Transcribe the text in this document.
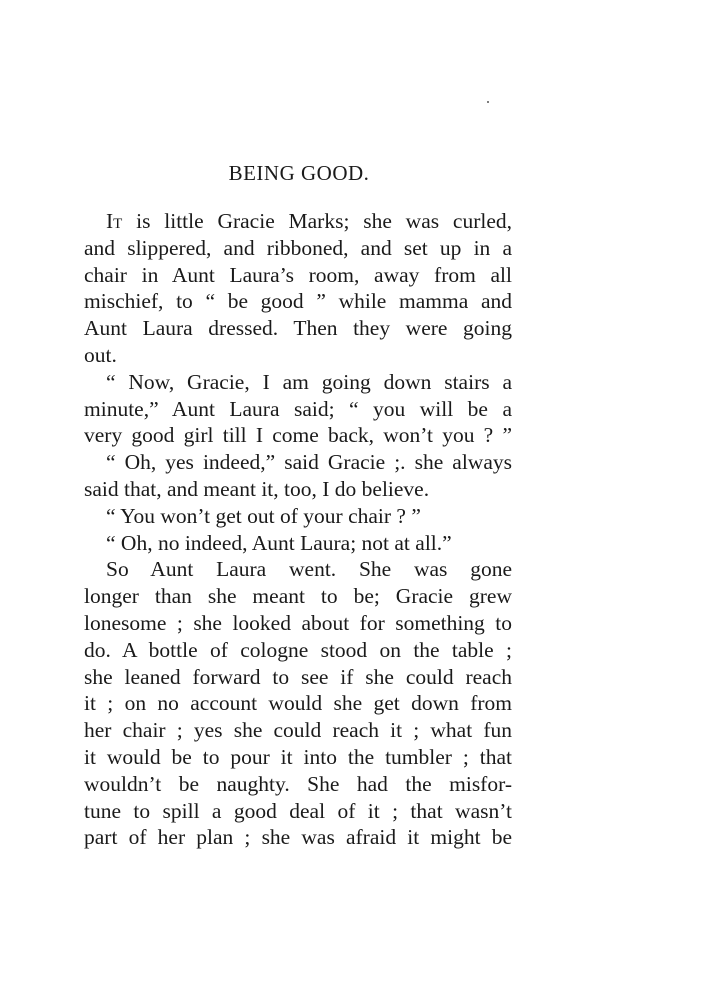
BEING GOOD.
It is little Gracie Marks; she was curled,
and slippered, and ribboned, and set up in a
chair in Aunt Laura’s room, away from all
mischief, to “ be good ” while mamma and
Aunt Laura dressed. Then they were going
out.
“ Now, Gracie, I am going down stairs a
minute,” Aunt Laura said; “ you will be a
very good girl till I come back, won’t you ? ”
“ Oh, yes indeed,” said Gracie ;. she always
said that, and meant it, too, I do believe.
“ You won’t get out of your chair ? ”
“ Oh, no indeed, Aunt Laura; not at all.”
So Aunt Laura went. She was gone
longer than she meant to be; Gracie grew
lonesome ; she looked about for something to
do. A bottle of cologne stood on the table ;
she leaned forward to see if she could reach
it ; on no account would she get down from
her chair ; yes she could reach it ; what fun
it would be to pour it into the tumbler ; that
wouldn’t be naughty. She had the misfor-
tune to spill a good deal of it ; that wasn’t
part of her plan ; she was afraid it might be
